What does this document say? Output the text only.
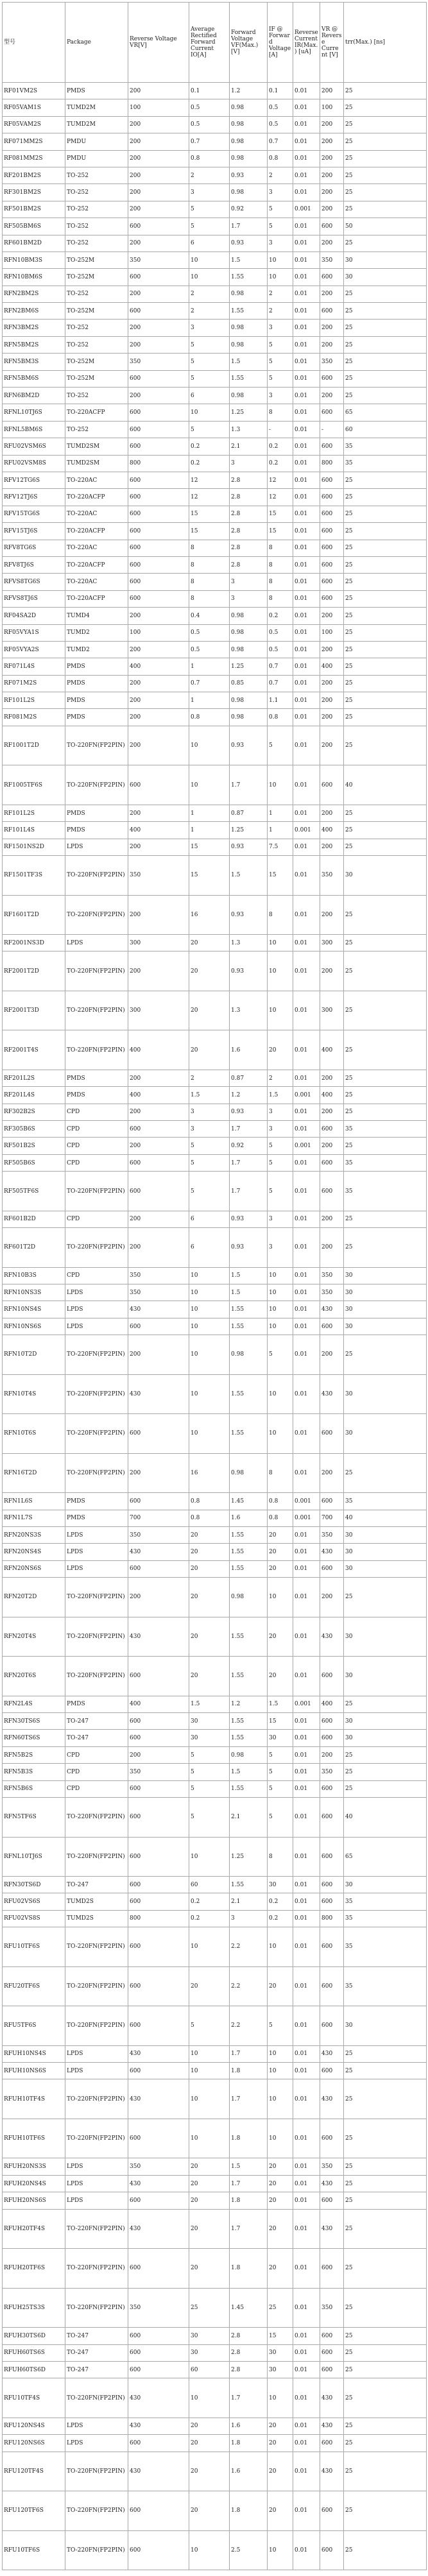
型号	Package	Reverse Voltage VR[V]	Average Rectified Forward Current IO[A]	Forward Voltage VF(Max.) [V]	IF @ Forward Voltage [A]	Reverse Current IR(Max.) [uA]	VR @ Reverse Current [V]	trr(Max.) [ns]
RF01VM2S	PMDS	200	0.1	1.2	0.1	0.01	200	25
RF05VAM1S	TUMD2M	100	0.5	0.98	0.5	0.01	100	25
RF05VAM2S	TUMD2M	200	0.5	0.98	0.5	0.01	200	25
RF071MM2S	PMDU	200	0.7	0.98	0.7	0.01	200	25
RF081MM2S	PMDU	200	0.8	0.98	0.8	0.01	200	25
RF201BM2S	TO-252	200	2	0.93	2	0.01	200	25
RF301BM2S	TO-252	200	3	0.98	3	0.01	200	25
RF501BM2S	TO-252	200	5	0.92	5	0.001	200	25
RF505BM6S	TO-252	600	5	1.7	5	0.01	600	50
RF601BM2D	TO-252	200	6	0.93	3	0.01	200	25
RFN10BM3S	TO-252M	350	10	1.5	10	0.01	350	30
RFN10BM6S	TO-252M	600	10	1.55	10	0.01	600	30
RFN2BM2S	TO-252	200	2	0.98	2	0.01	200	25
RFN2BM6S	TO-252M	600	2	1.55	2	0.01	600	25
RFN3BM2S	TO-252	200	3	0.98	3	0.01	200	25
RFN5BM2S	TO-252	200	5	0.98	5	0.01	200	25
RFN5BM3S	TO-252M	350	5	1.5	5	0.01	350	25
RFN5BM6S	TO-252M	600	5	1.55	5	0.01	600	25
RFN6BM2D	TO-252	200	6	0.98	3	0.01	200	25
RFNL10TJ6S	TO-220ACFP	600	10	1.25	8	0.01	600	65
RFNL5BM6S	TO-252	600	5	1.3	-	0.01	-	60
RFU02VSM6S	TUMD2SM	600	0.2	2.1	0.2	0.01	600	35
RFU02VSM8S	TUMD2SM	800	0.2	3	0.2	0.01	800	35
RFV12TG6S	TO-220AC	600	12	2.8	12	0.01	600	25
RFV12TJ6S	TO-220ACFP	600	12	2.8	12	0.01	600	25
RFV15TG6S	TO-220AC	600	15	2.8	15	0.01	600	25
RFV15TJ6S	TO-220ACFP	600	15	2.8	15	0.01	600	25
RFV8TG6S	TO-220AC	600	8	2.8	8	0.01	600	25
RFV8TJ6S	TO-220ACFP	600	8	2.8	8	0.01	600	25
RFVS8TG6S	TO-220AC	600	8	3	8	0.01	600	25
RFVS8TJ6S	TO-220ACFP	600	8	3	8	0.01	600	25
RF04SA2D	TUMD4	200	0.4	0.98	0.2	0.01	200	25
RF05VYA1S	TUMD2	100	0.5	0.98	0.5	0.01	100	25
RF05VYA2S	TUMD2	200	0.5	0.98	0.5	0.01	200	25
RF071L4S	PMDS	400	1	1.25	0.7	0.01	400	25
RF071M2S	PMDS	200	0.7	0.85	0.7	0.01	200	25
RF101L2S	PMDS	200	1	0.98	1.1	0.01	200	25
RF081M2S	PMDS	200	0.8	0.98	0.8	0.01	200	25
RF1001T2D	TO-220FN(FP2PIN)	200	10	0.93	5	0.01	200	25
RF1005TF6S	TO-220FN(FP2PIN)	600	10	1.7	10	0.01	600	40
RF101L2S	PMDS	200	1	0.87	1	0.01	200	25
RF101L4S	PMDS	400	1	1.25	1	0.001	400	25
RF1501NS2D	LPDS	200	15	0.93	7.5	0.01	200	25
RF1501TF3S	TO-220FN(FP2PIN)	350	15	1.5	15	0.01	350	30
RF1601T2D	TO-220FN(FP2PIN)	200	16	0.93	8	0.01	200	25
RF2001NS3D	LPDS	300	20	1.3	10	0.01	300	25
RF2001T2D	TO-220FN(FP2PIN)	200	20	0.93	10	0.01	200	25
RF2001T3D	TO-220FN(FP2PIN)	300	20	1.3	10	0.01	300	25
RF2001T4S	TO-220FN(FP2PIN)	400	20	1.6	20	0.01	400	25
RF201L2S	PMDS	200	2	0.87	2	0.01	200	25
RF201L4S	PMDS	400	1.5	1.2	1.5	0.001	400	25
RF302B2S	CPD	200	3	0.93	3	0.01	200	25
RF305B6S	CPD	600	3	1.7	3	0.01	600	35
RF501B2S	CPD	200	5	0.92	5	0.001	200	25
RF505B6S	CPD	600	5	1.7	5	0.01	600	35
RF505TF6S	TO-220FN(FP2PIN)	600	5	1.7	5	0.01	600	35
RF601B2D	CPD	200	6	0.93	3	0.01	200	25
RF601T2D	TO-220FN(FP2PIN)	200	6	0.93	3	0.01	200	25
RFN10B3S	CPD	350	10	1.5	10	0.01	350	30
RFN10NS3S	LPDS	350	10	1.5	10	0.01	350	30
RFN10NS4S	LPDS	430	10	1.55	10	0.01	430	30
RFN10NS6S	LPDS	600	10	1.55	10	0.01	600	30
RFN10T2D	TO-220FN(FP2PIN)	200	10	0.98	5	0.01	200	25
RFN10T4S	TO-220FN(FP2PIN)	430	10	1.55	10	0.01	430	30
RFN10T6S	TO-220FN(FP2PIN)	600	10	1.55	10	0.01	600	30
RFN16T2D	TO-220FN(FP2PIN)	200	16	0.98	8	0.01	200	25
RFN1L6S	PMDS	600	0.8	1.45	0.8	0.001	600	35
RFN1L7S	PMDS	700	0.8	1.6	0.8	0.001	700	40
RFN20NS3S	LPDS	350	20	1.55	20	0.01	350	30
RFN20NS4S	LPDS	430	20	1.55	20	0.01	430	30
RFN20NS6S	LPDS	600	20	1.55	20	0.01	600	30
RFN20T2D	TO-220FN(FP2PIN)	200	20	0.98	10	0.01	200	25
RFN20T4S	TO-220FN(FP2PIN)	430	20	1.55	20	0.01	430	30
RFN20T6S	TO-220FN(FP2PIN)	600	20	1.55	20	0.01	600	30
RFN2L4S	PMDS	400	1.5	1.2	1.5	0.001	400	25
RFN30TS6S	TO-247	600	30	1.55	15	0.01	600	30
RFN60TS6S	TO-247	600	30	1.55	30	0.01	600	30
RFN5B2S	CPD	200	5	0.98	5	0.01	200	25
RFN5B3S	CPD	350	5	1.5	5	0.01	350	25
RFN5B6S	CPD	600	5	1.55	5	0.01	600	25
RFN5TF6S	TO-220FN(FP2PIN)	600	5	2.1	5	0.01	600	40
RFNL10TJ6S	TO-220FN(FP2PIN)	600	10	1.25	8	0.01	600	65
RFN30TS6D	TO-247	600	60	1.55	30	0.01	600	30
RFU02VS6S	TUMD2S	600	0.2	2.1	0.2	0.01	600	35
RFU02VS8S	TUMD2S	800	0.2	3	0.2	0.01	800	35
RFU10TF6S	TO-220FN(FP2PIN)	600	10	2.2	10	0.01	600	35
RFU20TF6S	TO-220FN(FP2PIN)	600	20	2.2	20	0.01	600	35
RFU5TF6S	TO-220FN(FP2PIN)	600	5	2.2	5	0.01	600	30
RFUH10NS4S	LPDS	430	10	1.7	10	0.01	430	25
RFUH10NS6S	LPDS	600	10	1.8	10	0.01	600	25
RFUH10TF4S	TO-220FN(FP2PIN)	430	10	1.7	10	0.01	430	25
RFUH10TF6S	TO-220FN(FP2PIN)	600	10	1.8	10	0.01	600	25
RFUH20NS3S	LPDS	350	20	1.5	20	0.01	350	25
RFUH20NS4S	LPDS	430	20	1.7	20	0.01	430	25
RFUH20NS6S	LPDS	600	20	1.8	20	0.01	600	25
RFUH20TF4S	TO-220FN(FP2PIN)	430	20	1.7	20	0.01	430	25
RFUH20TF6S	TO-220FN(FP2PIN)	600	20	1.8	20	0.01	600	25
RFUH25TS3S	TO-220FN(FP2PIN)	350	25	1.45	25	0.01	350	25
RFUH30TS6D	TO-247	600	30	2.8	15	0.01	600	25
RFUH60TS6S	TO-247	600	30	2.8	30	0.01	600	25
RFUH60TS6D	TO-247	600	60	2.8	30	0.01	600	25
RFU10TF4S	TO-220FN(FP2PIN)	430	10	1.7	10	0.01	430	25
RFU120NS4S	LPDS	430	20	1.6	20	0.01	430	25
RFU120NS6S	LPDS	600	20	1.8	20	0.01	600	25
RFU120TF4S	TO-220FN(FP2PIN)	430	20	1.6	20	0.01	430	25
RFU120TF6S	TO-220FN(FP2PIN)	600	20	1.8	20	0.01	600	25
RFU10TF6S	TO-220FN(FP2PIN)	600	10	2.5	10	0.01	600	25
